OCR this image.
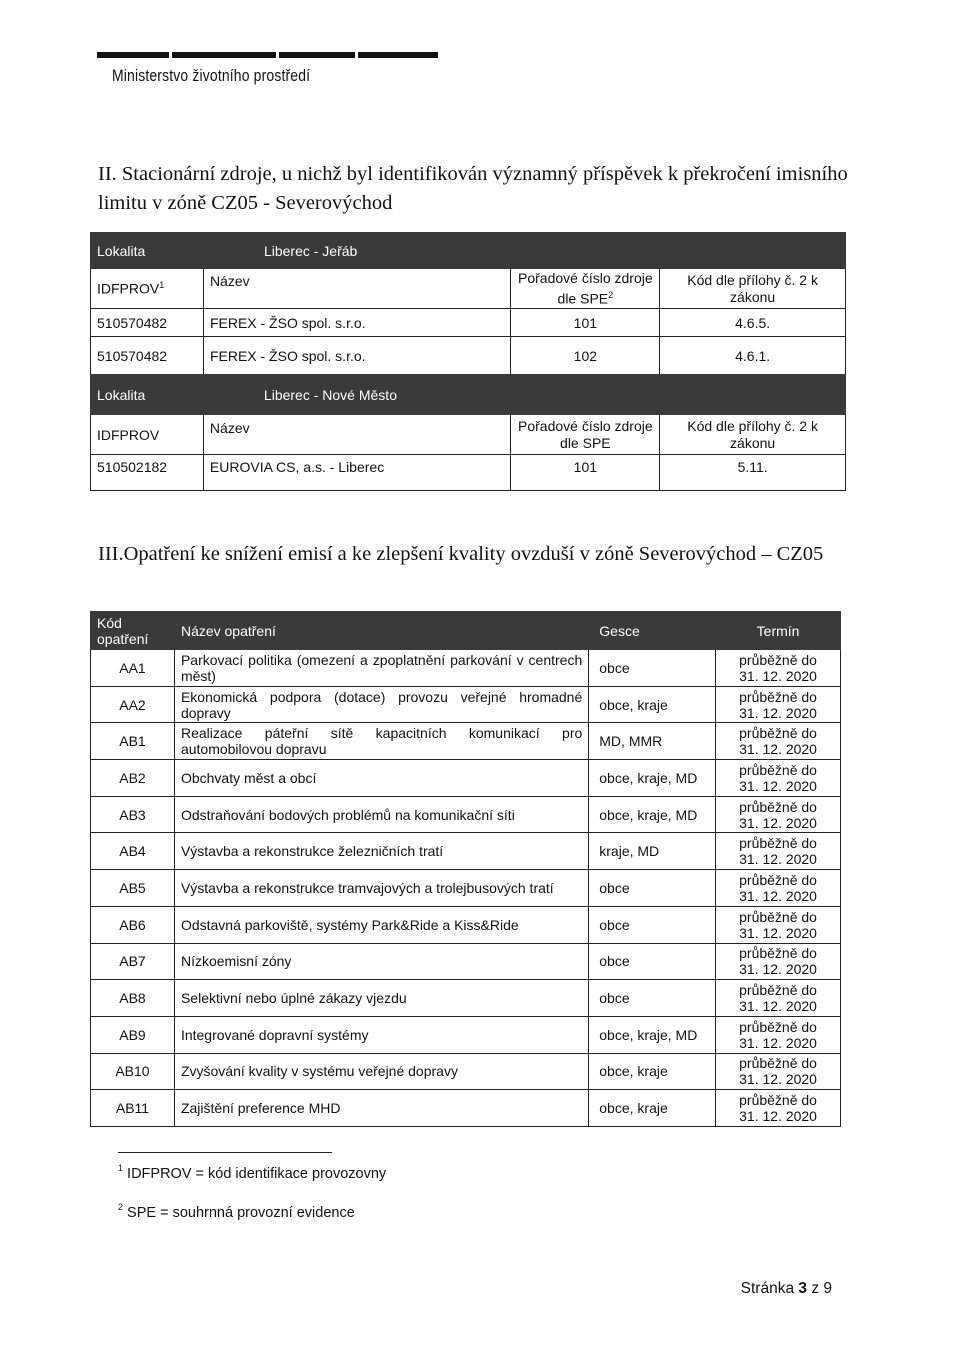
Ministerstvo životního prostředí
II. Stacionární zdroje, u nichž byl identifikován významný příspěvek k překročení imisního limitu v zóně CZ05 - Severovýchod
Lokalita	Liberec - Jeřáb		
IDFPROV$^1$	Název	Pořadové číslo zdroje dle SPE$^2$	Kód dle přílohy č. 2 k zákonu
510570482	FEREX - ŽSO spol. s.r.o.	101	4.6.5.
510570482	FEREX - ŽSO spol. s.r.o.	102	4.6.1.
Lokalita	Liberec - Nové Město		
IDFPROV	Název	Pořadové číslo zdroje dle SPE	Kód dle přílohy č. 2 k zákonu
510502182	EUROVIA CS, a.s. - Liberec	101	5.11.
III.Opatření ke snížení emisí a ke zlepšení kvality ovzduší v zóně Severovýchod – CZ05
Kód opatření	Název opatření	Gesce	Termín
AA1	Parkovací politika (omezení a zpoplatnění parkování v centrech měst)	obce	průběžně do
31. 12. 2020

AA2	Ekonomická podpora (dotace) provozu veřejné hromadné dopravy	obce, kraje	průběžně do
31. 12. 2020

AB1	Realizace páteřní sítě kapacitních komunikací pro automobilovou dopravu	MD, MMR	průběžně do
31. 12. 2020

AB2	Obchvaty měst a obcí	obce, kraje, MD	průběžně do
31. 12. 2020

AB3	Odstraňování bodových problémů na komunikační síti	obce, kraje, MD	průběžně do
31. 12. 2020

AB4	Výstavba a rekonstrukce železničních tratí	kraje, MD	průběžně do
31. 12. 2020

AB5	Výstavba a rekonstrukce tramvajových a trolejbusových tratí	obce	průběžně do
31. 12. 2020

AB6	Odstavná parkoviště, systémy Park&Ride a Kiss&Ride	obce	průběžně do
31. 12. 2020

AB7	Nízkoemisní zóny	obce	průběžně do
31. 12. 2020

AB8	Selektivní nebo úplné zákazy vjezdu	obce	průběžně do
31. 12. 2020

AB9	Integrované dopravní systémy	obce, kraje, MD	průběžně do
31. 12. 2020

AB10	Zvyšování kvality v systému veřejné dopravy	obce, kraje	průběžně do
31. 12. 2020

AB11	Zajištění preference MHD	obce, kraje	průběžně do
31. 12. 2020
$^1$ IDFPROV = kód identifikace provozovny
$^2$ SPE = souhrnná provozní evidence
Stránka 3 z 9
